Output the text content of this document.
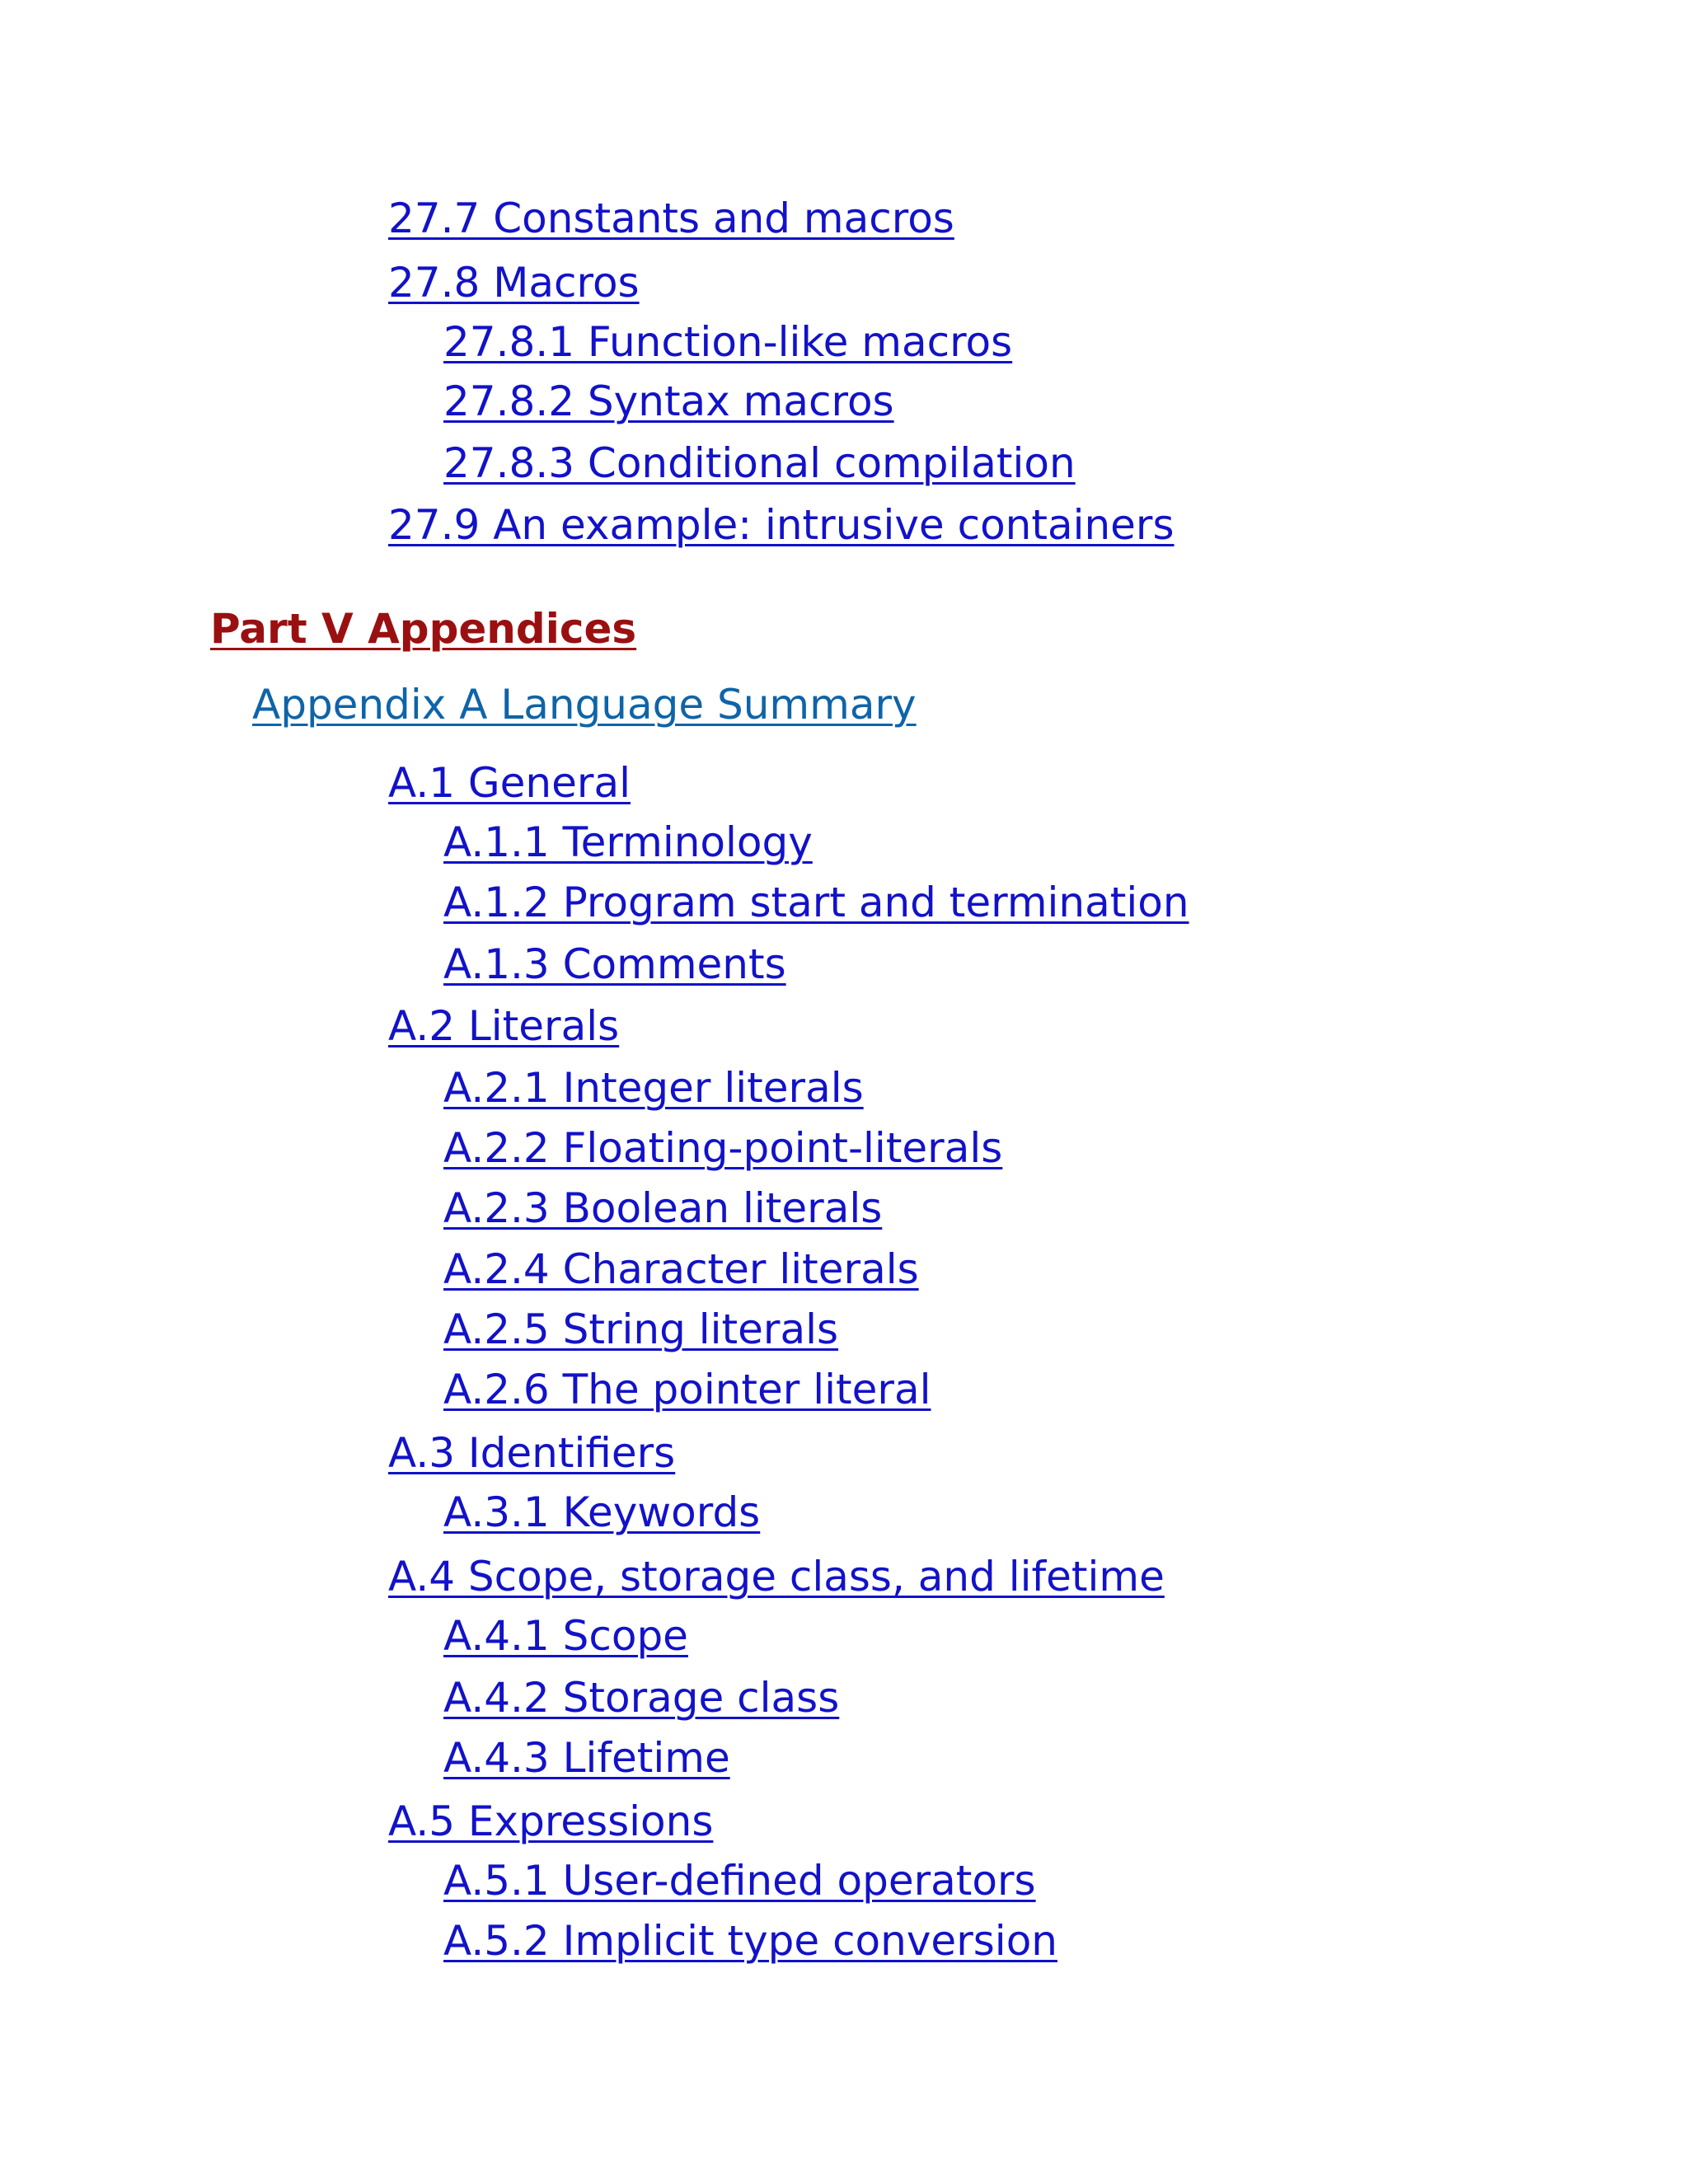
27.7 Constants and macros
27.8 Macros
27.8.1 Function-like macros
27.8.2 Syntax macros
27.8.3 Conditional compilation
27.9 An example: intrusive containers
Part V Appendices
Appendix A Language Summary
A.1 General
A.1.1 Terminology
A.1.2 Program start and termination
A.1.3 Comments
A.2 Literals
A.2.1 Integer literals
A.2.2 Floating-point-literals
A.2.3 Boolean literals
A.2.4 Character literals
A.2.5 String literals
A.2.6 The pointer literal
A.3 Identifiers
A.3.1 Keywords
A.4 Scope, storage class, and lifetime
A.4.1 Scope
A.4.2 Storage class
A.4.3 Lifetime
A.5 Expressions
A.5.1 User-defined operators
A.5.2 Implicit type conversion
